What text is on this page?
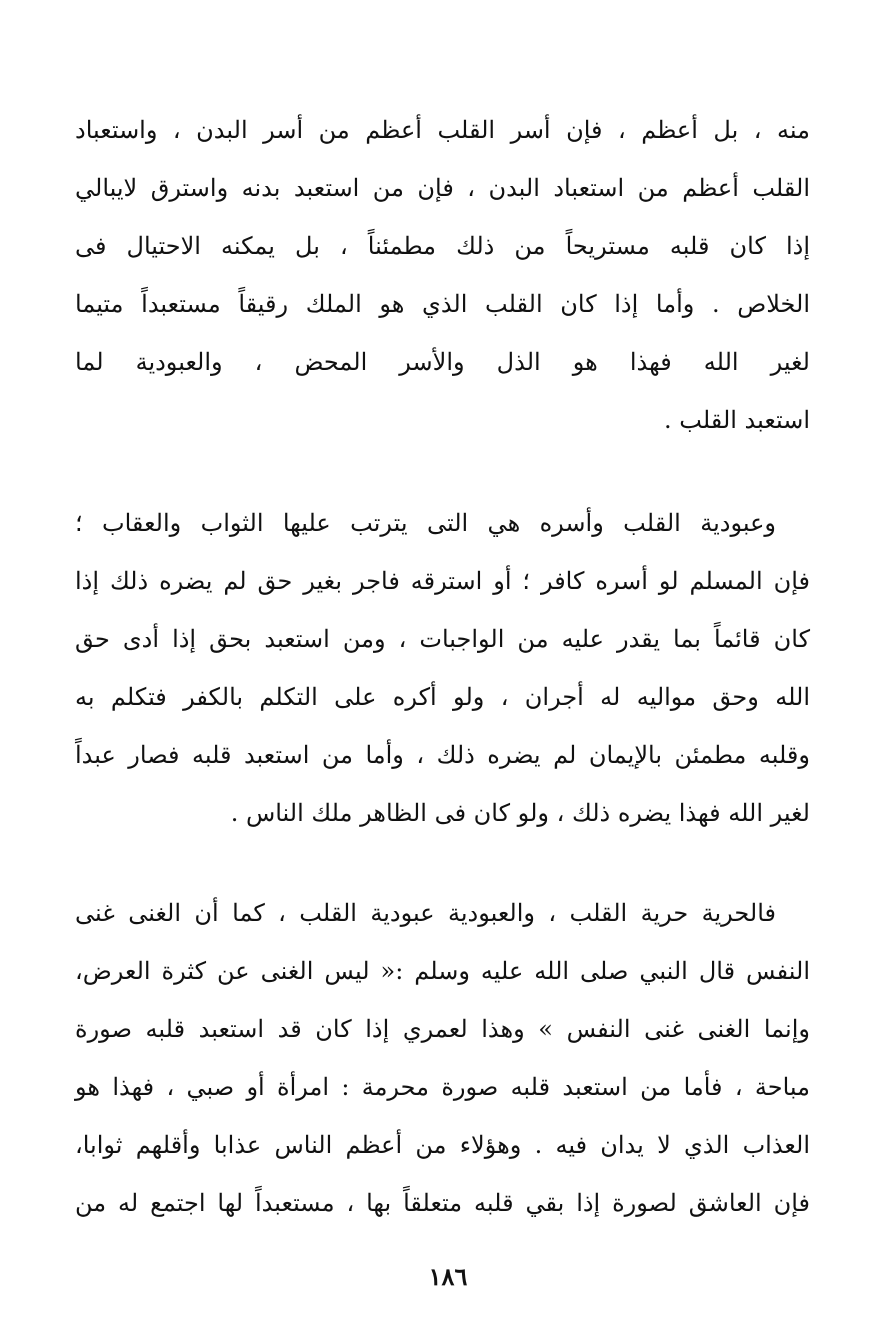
منه ، بل أعظم ، فإن أسر القلب أعظم من أسر البدن ، واستعباد
القلب أعظم من استعباد البدن ، فإن من استعبد بدنه واسترق لايبالي
إذا كان قلبه مستريحاً من ذلك مطمئناً ، بل يمكنه الاحتيال فى
الخلاص . وأما إذا كان القلب الذي هو الملك رقيقاً مستعبداً متيما
لغير الله فهذا هو الذل والأسر المحض ، والعبودية لما
استعبد القلب .
وعبودية القلب وأسره هي التى يترتب عليها الثواب والعقاب ؛
فإن المسلم لو أسره كافر ؛ أو استرقه فاجر بغير حق لم يضره ذلك إذا
كان قائماً بما يقدر عليه من الواجبات ، ومن استعبد بحق إذا أدى حق
الله وحق مواليه له أجران ، ولو أكره على التكلم بالكفر فتكلم به
وقلبه مطمئن بالإيمان لم يضره ذلك ، وأما من استعبد قلبه فصار عبداً
لغير الله فهذا يضره ذلك ، ولو كان فى الظاهر ملك الناس .
فالحرية حرية القلب ، والعبودية عبودية القلب ، كما أن الغنى غنى
النفس قال النبي صلى الله عليه وسلم :« ليس الغنى عن كثرة العرض،
وإنما الغنى غنى النفس » وهذا لعمري إذا كان قد استعبد قلبه صورة
مباحة ، فأما من استعبد قلبه صورة محرمة : امرأة أو صبي ، فهذا هو
العذاب الذي لا يدان فيه . وهؤلاء من أعظم الناس عذابا وأقلهم ثوابا،
فإن العاشق لصورة إذا بقي قلبه متعلقاً بها ، مستعبداً لها اجتمع له من
١٨٦
